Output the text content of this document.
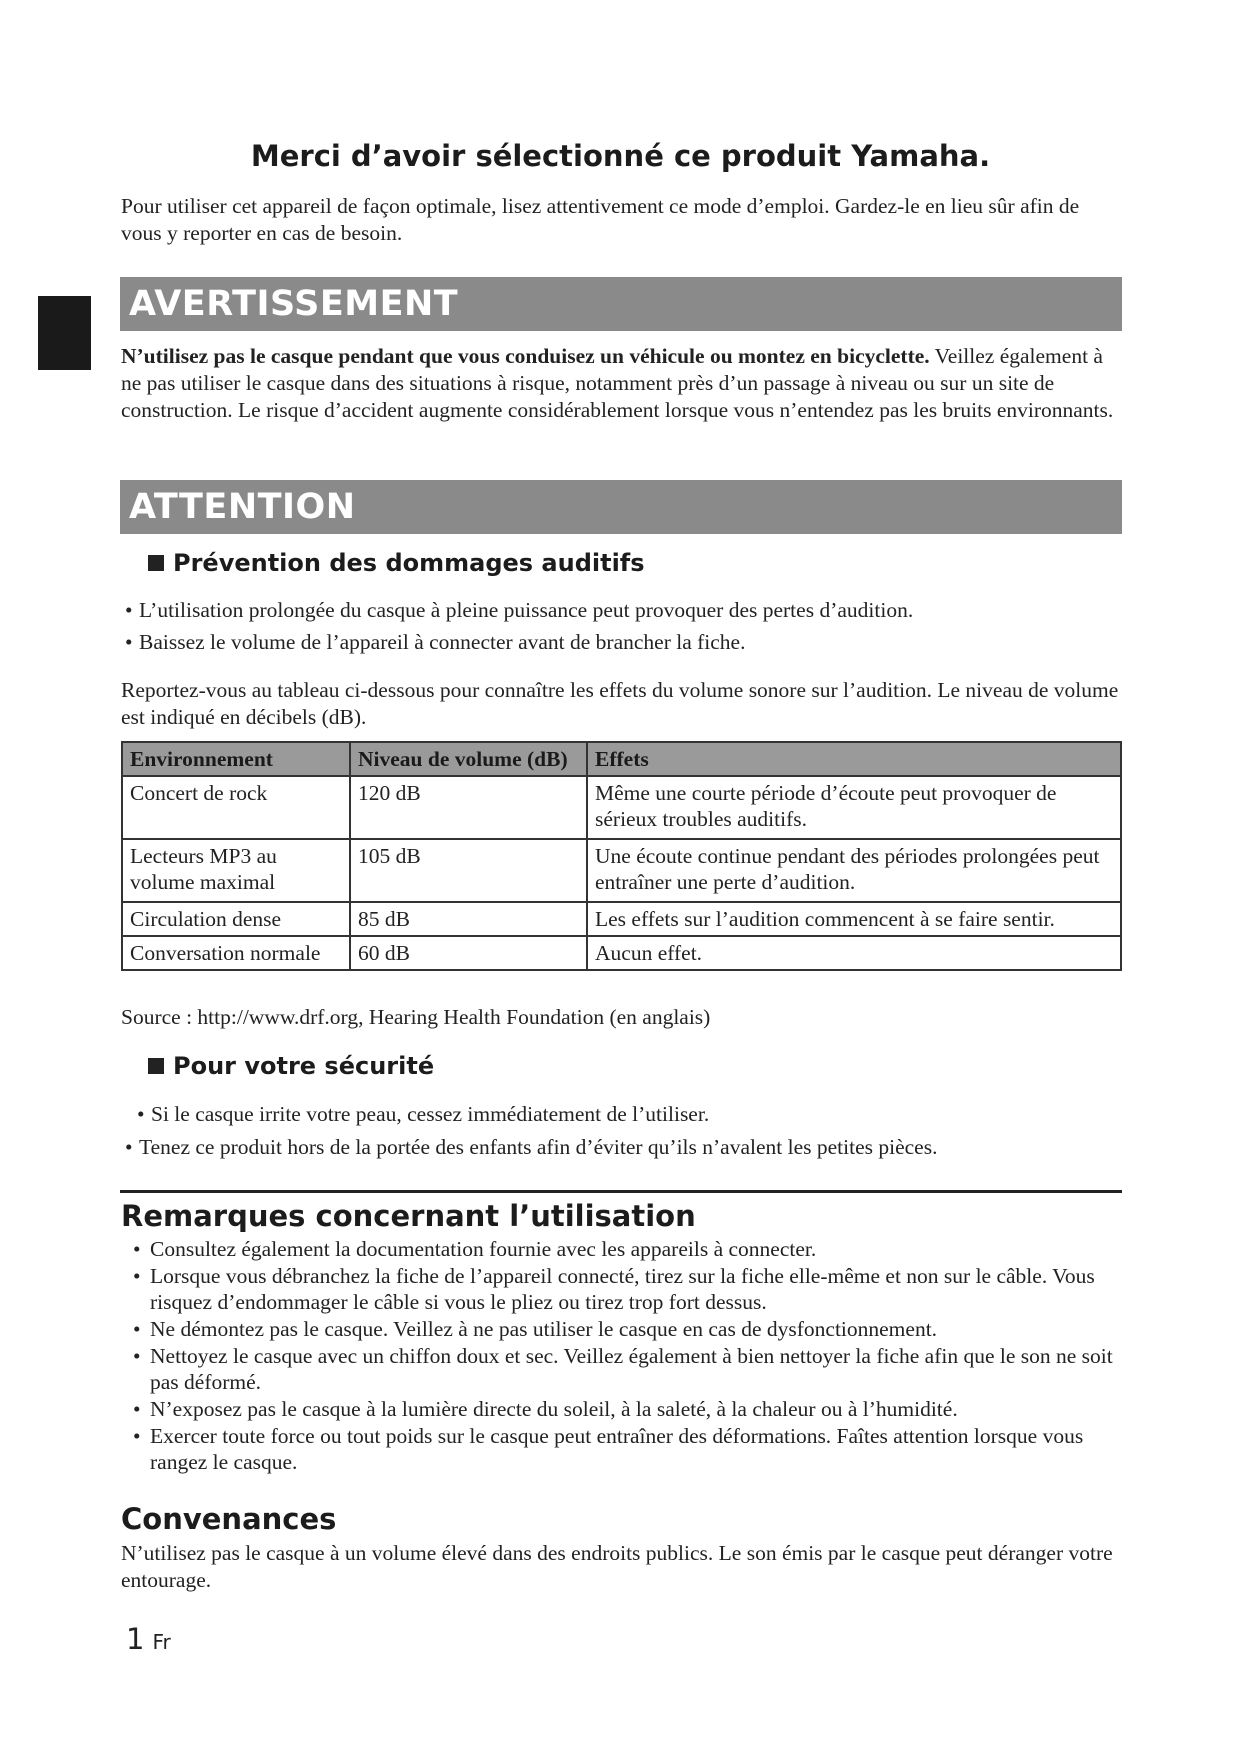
Merci d’avoir sélectionné ce produit Yamaha.
Pour utiliser cet appareil de façon optimale, lisez attentivement ce mode d’emploi. Gardez-le en lieu sûr afin de vous y reporter en cas de besoin.
AVERTISSEMENT
N’utilisez pas le casque pendant que vous conduisez un véhicule ou montez en bicyclette. Veillez également à ne pas utiliser le casque dans des situations à risque, notamment près d’un passage à niveau ou sur un site de construction. Le risque d’accident augmente considérablement lorsque vous n’entendez pas les bruits environnants.
ATTENTION
Prévention des dommages auditifs
• L’utilisation prolongée du casque à pleine puissance peut provoquer des pertes d’audition.
• Baissez le volume de l’appareil à connecter avant de brancher la fiche.
Reportez-vous au tableau ci-dessous pour connaître les effets du volume sonore sur l’audition. Le niveau de volume est indiqué en décibels (dB).
Environnement	Niveau de volume (dB)	Effets
Concert de rock	120 dB	Même une courte période d’écoute peut provoquer de sérieux troubles auditifs.
Lecteurs MP3 au volume maximal	105 dB	Une écoute continue pendant des périodes prolongées peut entraîner une perte d’audition.
Circulation dense	85 dB	Les effets sur l’audition commencent à se faire sentir.
Conversation normale	60 dB	Aucun effet.
Source : http://www.drf.org, Hearing Health Foundation (en anglais)
Pour votre sécurité
• Si le casque irrite votre peau, cessez immédiatement de l’utiliser.
• Tenez ce produit hors de la portée des enfants afin d’éviter qu’ils n’avalent les petites pièces.
Remarques concernant l’utilisation
• Consultez également la documentation fournie avec les appareils à connecter.
• Lorsque vous débranchez la fiche de l’appareil connecté, tirez sur la fiche elle-même et non sur le câble. Vous risquez d’endommager le câble si vous le pliez ou tirez trop fort dessus.
• Ne démontez pas le casque. Veillez à ne pas utiliser le casque en cas de dysfonctionnement.
• Nettoyez le casque avec un chiffon doux et sec. Veillez également à bien nettoyer la fiche afin que le son ne soit pas déformé.
• N’exposez pas le casque à la lumière directe du soleil, à la saleté, à la chaleur ou à l’humidité.
• Exercer toute force ou tout poids sur le casque peut entraîner des déformations. Faîtes attention lorsque vous rangez le casque.
Convenances
N’utilisez pas le casque à un volume élevé dans des endroits publics. Le son émis par le casque peut déranger votre entourage.
1 Fr
